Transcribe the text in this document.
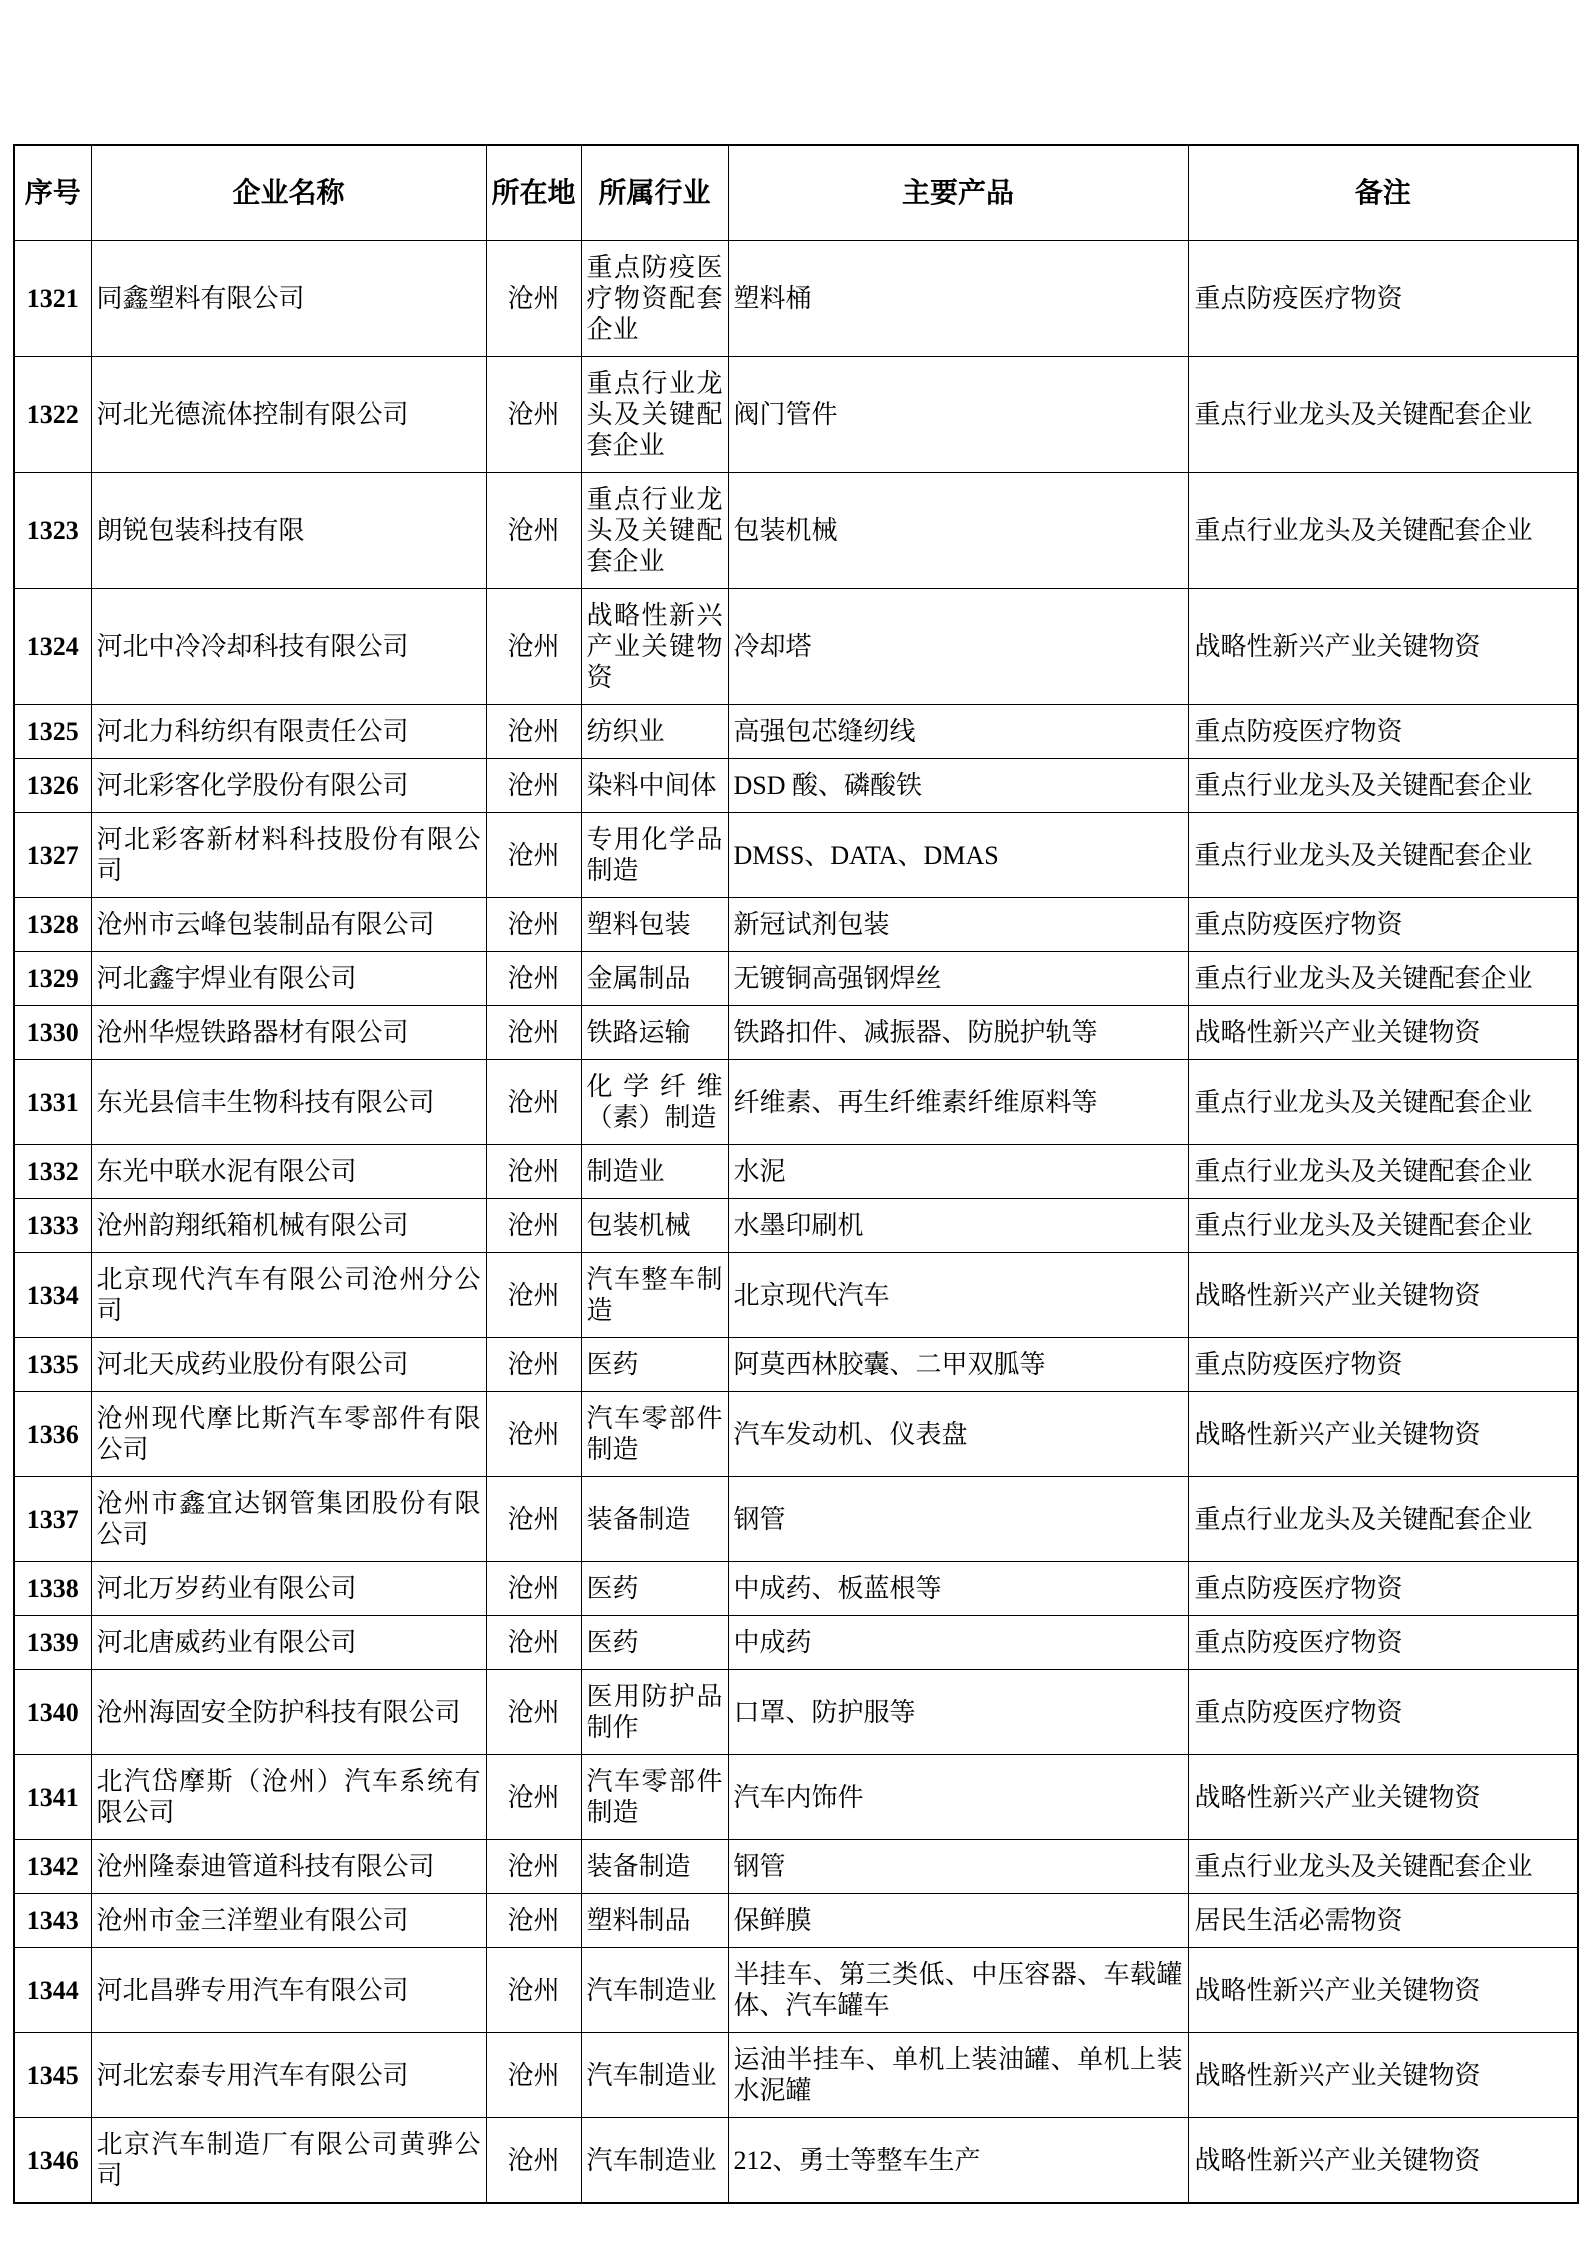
序号	企业名称	所在地	所属行业	主要产品	备注
1321	同鑫塑料有限公司	沧州	重点防疫医疗物资配套企业	塑料桶	重点防疫医疗物资
1322	河北光德流体控制有限公司	沧州	重点行业龙头及关键配套企业	阀门管件	重点行业龙头及关键配套企业
1323	朗锐包装科技有限	沧州	重点行业龙头及关键配套企业	包装机械	重点行业龙头及关键配套企业
1324	河北中冷冷却科技有限公司	沧州	战略性新兴产业关键物资	冷却塔	战略性新兴产业关键物资
1325	河北力科纺织有限责任公司	沧州	纺织业	高强包芯缝纫线	重点防疫医疗物资
1326	河北彩客化学股份有限公司	沧州	染料中间体	DSD 酸、磷酸铁	重点行业龙头及关键配套企业
1327	河北彩客新材料科技股份有限公司	沧州	专用化学品制造	DMSS、DATA、DMAS	重点行业龙头及关键配套企业
1328	沧州市云峰包装制品有限公司	沧州	塑料包装	新冠试剂包装	重点防疫医疗物资
1329	河北鑫宇焊业有限公司	沧州	金属制品	无镀铜高强钢焊丝	重点行业龙头及关键配套企业
1330	沧州华煜铁路器材有限公司	沧州	铁路运输	铁路扣件、减振器、防脱护轨等	战略性新兴产业关键物资
1331	东光县信丰生物科技有限公司	沧州	化学纤维（素）制造	纤维素、再生纤维素纤维原料等	重点行业龙头及关键配套企业
1332	东光中联水泥有限公司	沧州	制造业	水泥	重点行业龙头及关键配套企业
1333	沧州韵翔纸箱机械有限公司	沧州	包装机械	水墨印刷机	重点行业龙头及关键配套企业
1334	北京现代汽车有限公司沧州分公司	沧州	汽车整车制造	北京现代汽车	战略性新兴产业关键物资
1335	河北天成药业股份有限公司	沧州	医药	阿莫西林胶囊、二甲双胍等	重点防疫医疗物资
1336	沧州现代摩比斯汽车零部件有限公司	沧州	汽车零部件制造	汽车发动机、仪表盘	战略性新兴产业关键物资
1337	沧州市鑫宜达钢管集团股份有限公司	沧州	装备制造	钢管	重点行业龙头及关键配套企业
1338	河北万岁药业有限公司	沧州	医药	中成药、板蓝根等	重点防疫医疗物资
1339	河北唐威药业有限公司	沧州	医药	中成药	重点防疫医疗物资
1340	沧州海固安全防护科技有限公司	沧州	医用防护品制作	口罩、防护服等	重点防疫医疗物资
1341	北汽岱摩斯（沧州）汽车系统有限公司	沧州	汽车零部件制造	汽车内饰件	战略性新兴产业关键物资
1342	沧州隆泰迪管道科技有限公司	沧州	装备制造	钢管	重点行业龙头及关键配套企业
1343	沧州市金三洋塑业有限公司	沧州	塑料制品	保鲜膜	居民生活必需物资
1344	河北昌骅专用汽车有限公司	沧州	汽车制造业	半挂车、第三类低、中压容器、车载罐体、汽车罐车	战略性新兴产业关键物资
1345	河北宏泰专用汽车有限公司	沧州	汽车制造业	运油半挂车、单机上装油罐、单机上装水泥罐	战略性新兴产业关键物资
1346	北京汽车制造厂有限公司黄骅公司	沧州	汽车制造业	212、勇士等整车生产	战略性新兴产业关键物资
